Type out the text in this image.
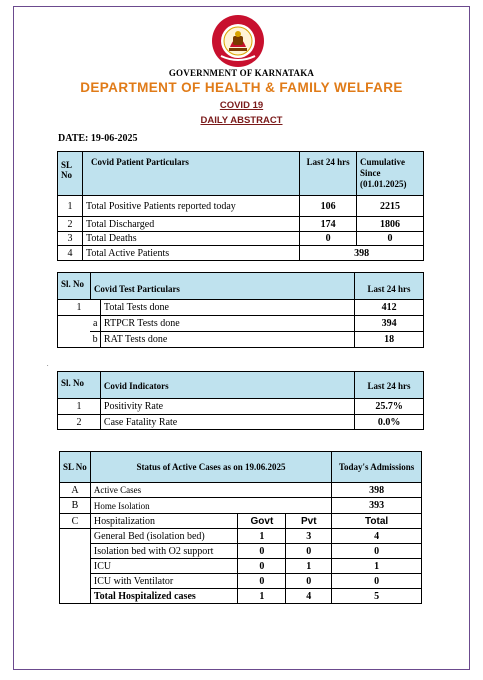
GOVERNMENT OF KARNATAKA
DEPARTMENT OF HEALTH & FAMILY WELFARE
COVID 19
DAILY ABSTRACT
DATE: 19-06-2025
SL No	Covid Patient Particulars	Last 24 hrs	Cumulative Since (01.01.2025)
1	Total Positive Patients reported today	106	2215
2	Total Discharged	174	1806
3	Total Deaths	0	0
4	Total Active Patients	398	
Sl. No	Covid Test Particulars		Last 24 hrs
1		Total Tests done	412
	a	RTPCR Tests done	394
	b	RAT Tests done	18
.
Sl. No	Covid Indicators	Last 24 hrs
1	Positivity Rate	25.7%
2	Case Fatality Rate	0.0%
SL No	Status of Active Cases as on 19.06.2025			Today's Admissions
A	Active Cases			398
B	Home Isolation			393
C	Hospitalization	Govt	Pvt	Total
	General Bed (isolation bed)	1	3	4
	Isolation bed with O2 support	0	0	0
	ICU	0	1	1
	ICU with Ventilator	0	0	0
	Total Hospitalized cases	1	4	5
